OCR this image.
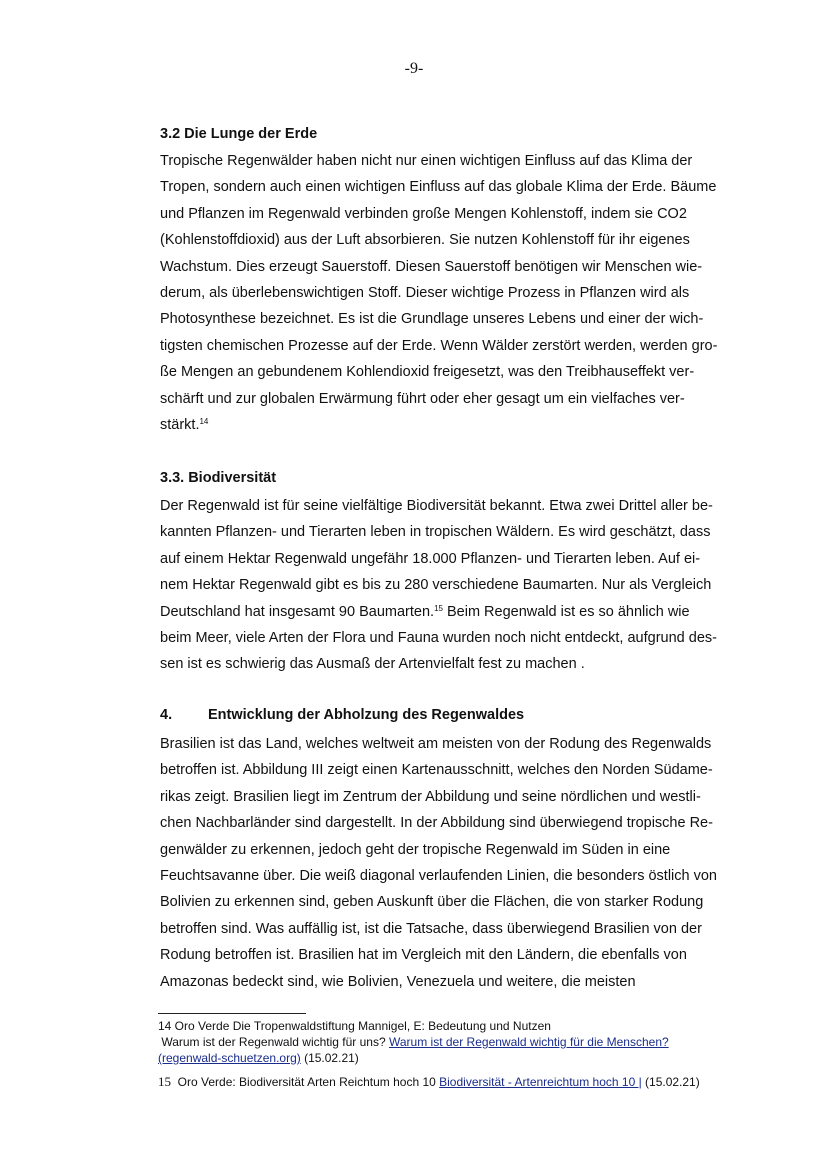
-9-
3.2 Die Lunge der Erde

Tropische Regenwälder haben nicht nur einen wichtigen Einfluss auf das Klima der
Tropen, sondern auch einen wichtigen Einfluss auf das globale Klima der Erde. Bäume
und Pflanzen im Regenwald verbinden große Mengen Kohlenstoff, indem sie CO2
(Kohlenstoffdioxid) aus der Luft absorbieren. Sie nutzen Kohlenstoff für ihr eigenes
Wachstum. Dies erzeugt Sauerstoff. Diesen Sauerstoff benötigen wir Menschen wie-
derum, als überlebenswichtigen Stoff. Dieser wichtige Prozess in Pflanzen wird als
Photosynthese bezeichnet. Es ist die Grundlage unseres Lebens und einer der wich-
tigsten chemischen Prozesse auf der Erde. Wenn Wälder zerstört werden, werden gro-
ße Mengen an gebundenem Kohlendioxid freigesetzt, was den Treibhauseffekt ver-
schärft und zur globalen Erwärmung führt oder eher gesagt um ein vielfaches ver-
stärkt.$^{14}$

3.3. Biodiversität

Der Regenwald ist für seine vielfältige Biodiversität bekannt. Etwa zwei Drittel aller be-
kannten Pflanzen- und Tierarten leben in tropischen Wäldern. Es wird geschätzt, dass
auf einem Hektar Regenwald ungefähr 18.000 Pflanzen- und Tierarten leben. Auf ei-
nem Hektar Regenwald gibt es bis zu 280 verschiedene Baumarten. Nur als Vergleich
Deutschland hat insgesamt 90 Baumarten.$^{15}$ Beim Regenwald ist es so ähnlich wie
beim Meer, viele Arten der Flora und Fauna wurden noch nicht entdeckt, aufgrund des-
sen ist es schwierig das Ausmaß der Artenvielfalt fest zu machen .

4. Entwicklung der Abholzung des Regenwaldes

Brasilien ist das Land, welches weltweit am meisten von der Rodung des Regenwalds
betroffen ist. Abbildung III zeigt einen Kartenausschnitt, welches den Norden Südame-
rikas zeigt. Brasilien liegt im Zentrum der Abbildung und seine nördlichen und westli-
chen Nachbarländer sind dargestellt. In der Abbildung sind überwiegend tropische Re-
genwälder zu erkennen, jedoch geht der tropische Regenwald im Süden in eine
Feuchtsavanne über. Die weiß diagonal verlaufenden Linien, die besonders östlich von
Bolivien zu erkennen sind, geben Auskunft über die Flächen, die von starker Rodung
betroffen sind. Was auffällig ist, ist die Tatsache, dass überwiegend Brasilien von der
Rodung betroffen ist. Brasilien hat im Vergleich mit den Ländern, die ebenfalls von
Amazonas bedeckt sind, wie Bolivien, Venezuela und weitere, die meisten

14 Oro Verde Die Tropenwaldstiftung Mannigel, E: Bedeutung und Nutzen
Warum ist der Regenwald wichtig für uns? Warum ist der Regenwald wichtig für die Menschen?
(regenwald-schuetzen.org) (15.02.21)

15  Oro Verde: Biodiversität Arten Reichtum hoch 10 Biodiversität - Artenreichtum hoch 10 | (15.02.21)
